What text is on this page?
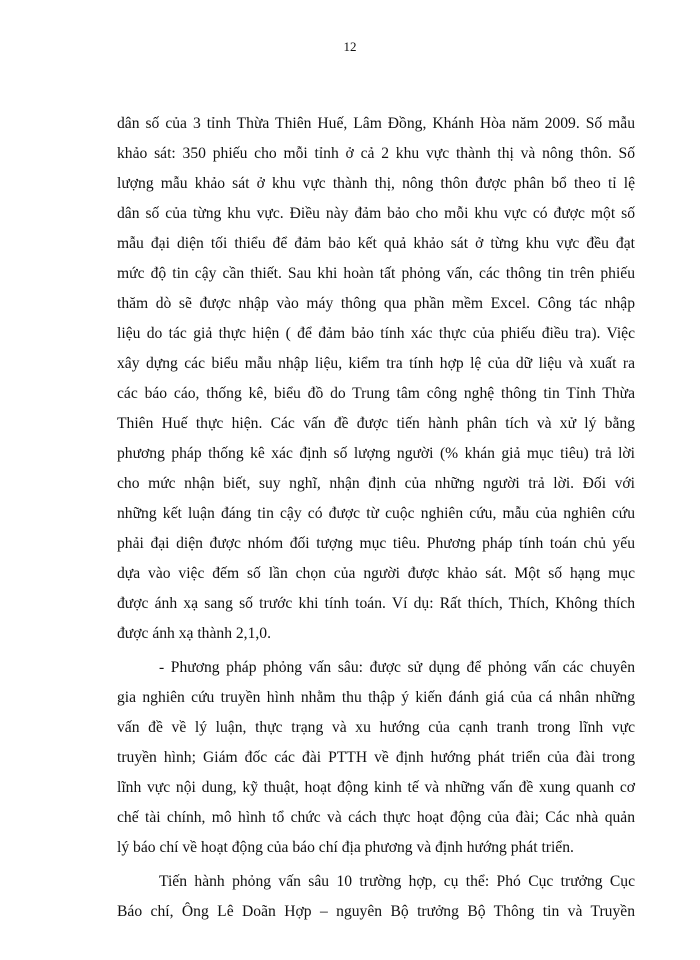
12

dân số của 3 tỉnh Thừa Thiên Huế, Lâm Đồng, Khánh Hòa năm 2009. Số mẫu

khảo sát: 350 phiếu cho mỗi tỉnh ở cả 2 khu vực thành thị và nông thôn. Số

lượng mẫu khảo sát ở khu vực thành thị, nông thôn được phân bổ theo tỉ lệ

dân số của từng khu vực. Điều này đảm bảo cho mỗi khu vực có được một số

mẫu đại diện tối thiểu để đảm bảo kết quả khảo sát ở từng khu vực đều đạt

mức độ tin cậy cần thiết. Sau khi hoàn tất phỏng vấn, các thông tin trên phiếu

thăm dò sẽ được nhập vào máy thông qua phần mềm Excel. Công tác nhập

liệu do tác giả thực hiện ( để đảm bảo tính xác thực của phiếu điều tra). Việc

xây dựng các biểu mẫu nhập liệu, kiểm tra tính hợp lệ của dữ liệu và xuất ra

các báo cáo, thống kê, biểu đồ do Trung tâm công nghệ thông tin Tỉnh Thừa

Thiên Huế thực hiện. Các vấn đề được tiến hành phân tích và xử lý bằng

phương pháp thống kê xác định số lượng người (% khán giả mục tiêu) trả lời

cho mức nhận biết, suy nghĩ, nhận định của những người trả lời. Đối với

những kết luận đáng tin cậy có được từ cuộc nghiên cứu, mẫu của nghiên cứu

phải đại diện được nhóm đối tượng mục tiêu. Phương pháp tính toán chủ yếu

dựa vào việc đếm số lần chọn của người được khảo sát. Một số hạng mục

được ánh xạ sang số trước khi tính toán. Ví dụ: Rất thích, Thích, Không thích

được ánh xạ thành 2,1,0.

- Phương pháp phỏng vấn sâu: được sử dụng để phỏng vấn các chuyên

gia nghiên cứu truyền hình nhằm thu thập ý kiến đánh giá của cá nhân những

vấn đề về lý luận, thực trạng và xu hướng của cạnh tranh trong lĩnh vực

truyền hình; Giám đốc các đài PTTH về định hướng phát triển của đài trong

lĩnh vực nội dung, kỹ thuật, hoạt động kinh tế và những vấn đề xung quanh cơ

chế tài chính, mô hình tổ chức và cách thực hoạt động của đài; Các nhà quản

lý báo chí về hoạt động của báo chí địa phương và định hướng phát triển.

Tiến hành phỏng vấn sâu 10 trường hợp, cụ thể: Phó Cục trưởng Cục

Báo chí, Ông Lê Doãn Hợp – nguyên Bộ trưởng Bộ Thông tin và Truyền
